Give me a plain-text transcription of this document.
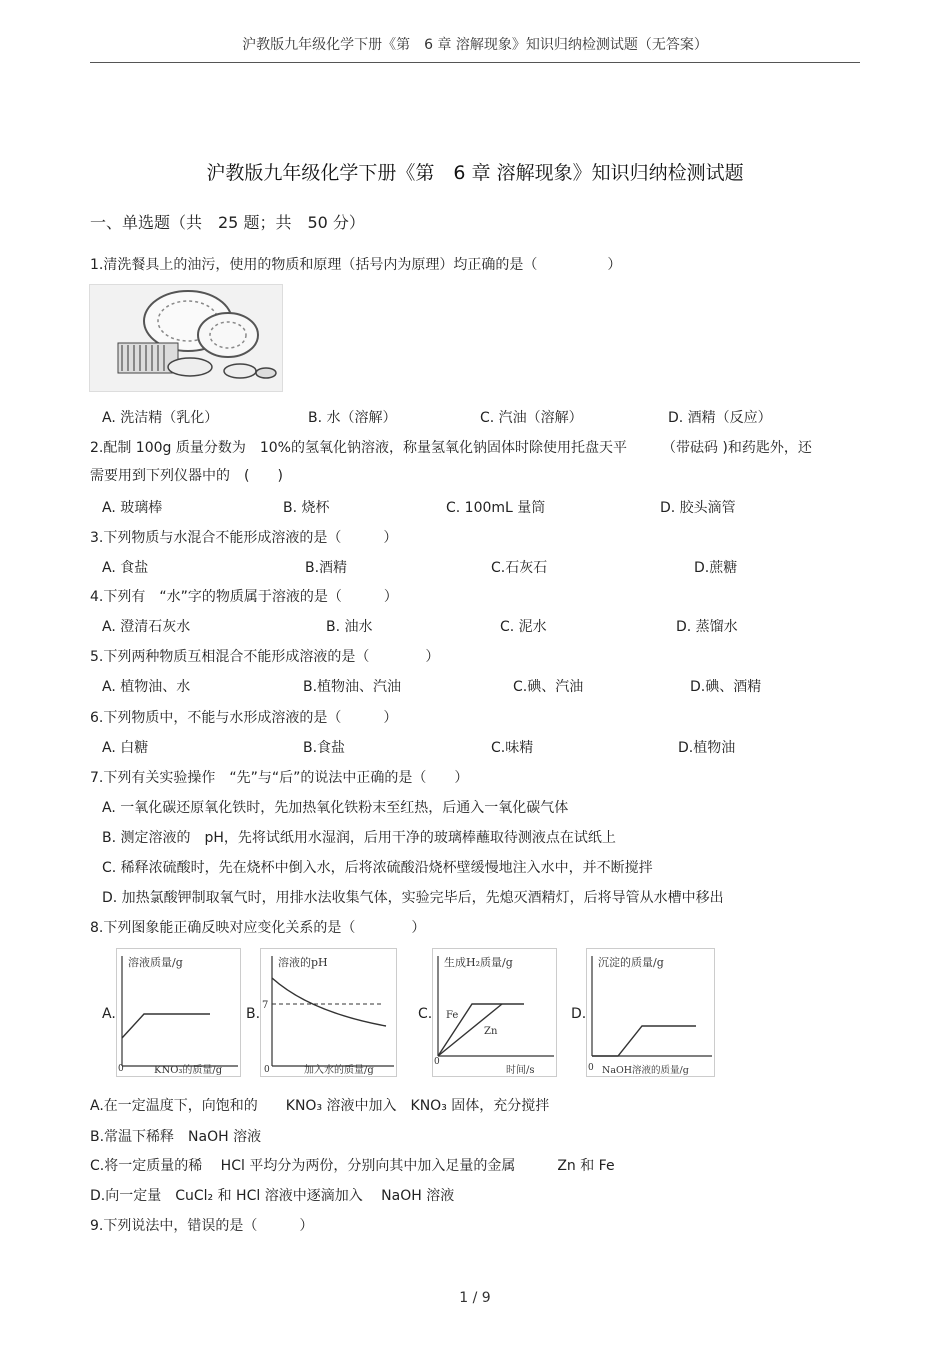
沪教版九年级化学下册《第　6 章 溶解现象》知识归纳检测试题（无答案）
沪教版九年级化学下册《第　6 章 溶解现象》知识归纳检测试题
一、单选题（共　25 题；共　50 分）
1.清洗餐具上的油污，使用的物质和原理（括号内为原理）均正确的是（　　　　　）
A. 洗洁精（乳化）	B. 水（溶解）	C. 汽油（溶解）	D. 酒精（反应）
2.配制 100g 质量分数为　10%的氢氧化钠溶液，称量氢氧化钠固体时除使用托盘天平　　　（带砝码 )和药匙外，还
需要用到下列仪器中的　(　　)
A. 玻璃棒	B. 烧杯	C. 100mL 量筒	D. 胶头滴管
3.下列物质与水混合不能形成溶液的是（　　　）
A. 食盐	B.酒精	C.石灰石	D.蔗糖
4.下列有　“水”字的物质属于溶液的是（　　　）
A. 澄清石灰水	B. 油水	C. 泥水	D. 蒸馏水
5.下列两种物质互相混合不能形成溶液的是（　　　　）
A. 植物油、水	B.植物油、汽油	C.碘、汽油	D.碘、酒精
6.下列物质中，不能与水形成溶液的是（　　　）
A. 白糖	B.食盐	C.味精	D.植物油
7.下列有关实验操作　“先”与“后”的说法中正确的是（　　）
A. 一氧化碳还原氧化铁时，先加热氧化铁粉末至红热，后通入一氧化碳气体
B. 测定溶液的　pH，先将试纸用水湿润，后用干净的玻璃棒蘸取待测液点在试纸上
C. 稀释浓硫酸时，先在烧杯中倒入水，后将浓硫酸沿烧杯壁缓慢地注入水中，并不断搅拌
D. 加热氯酸钾制取氧气时，用排水法收集气体，实验完毕后，先熄灭酒精灯，后将导管从水槽中移出
8.下列图象能正确反映对应变化关系的是（　　　　）
A.
溶液质量/g
0	KNO₃的质量/g
B.
溶液的pH
7
0	加入水的质量/g
C.
生成H₂质量/g
Fe
Zn
0
时间/s
D.
沉淀的质量/g
0 NaOH溶液的质量/g
A.在一定温度下，向饱和的　　KNO₃ 溶液中加入　KNO₃ 固体，充分搅拌
B.常温下稀释　NaOH 溶液
C.将一定质量的稀　 HCl 平均分为两份，分别向其中加入足量的金属　　　Zn 和 Fe
D.向一定量　CuCl₂ 和 HCl 溶液中逐滴加入　 NaOH 溶液
9.下列说法中，错误的是（　　　）
1 / 9
